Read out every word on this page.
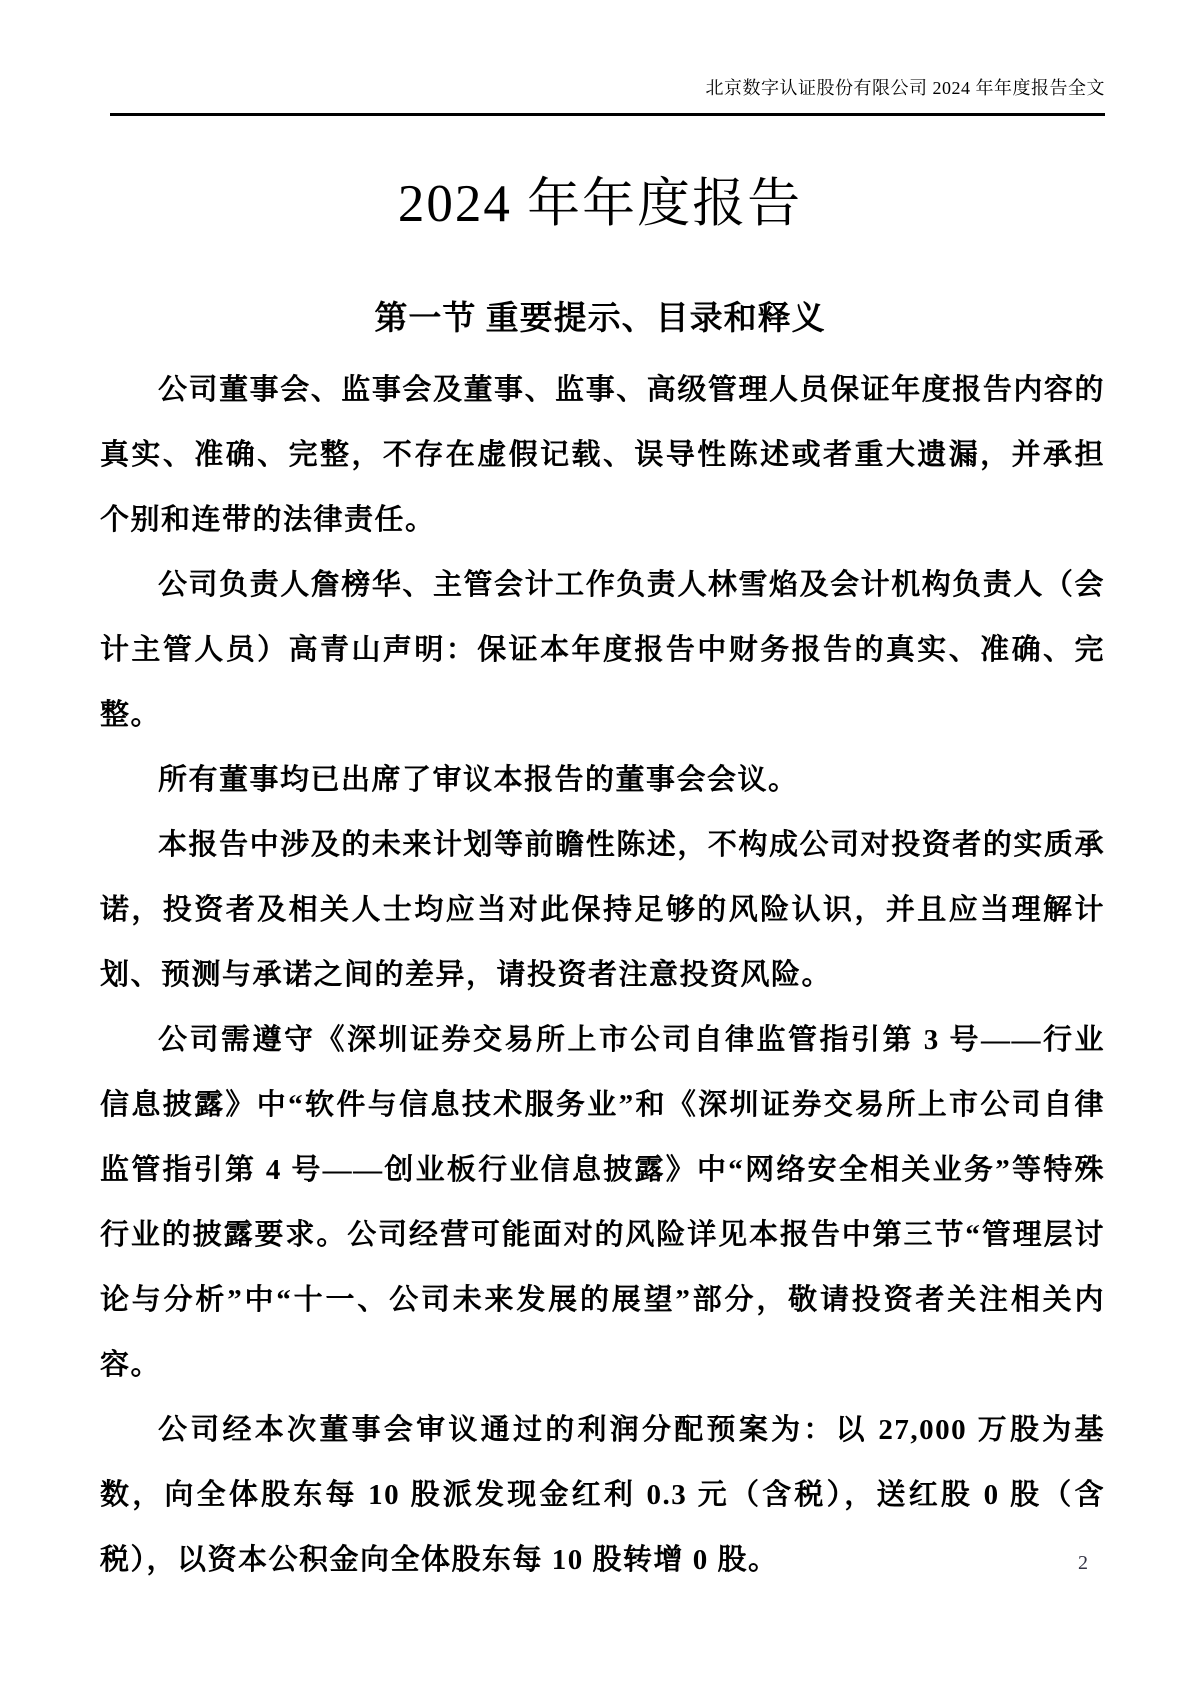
北京数字认证股份有限公司 2024 年年度报告全文
2024 年年度报告
第一节 重要提示、目录和释义

公司董事会、监事会及董事、监事、高级管理人员保证年度报告内容的真实、准确、完整，不存在虚假记载、误导性陈述或者重大遗漏，并承担个别和连带的法律责任。

公司负责人詹榜华、主管会计工作负责人林雪焰及会计机构负责人（会计主管人员）高青山声明：保证本年度报告中财务报告的真实、准确、完整。

所有董事均已出席了审议本报告的董事会会议。

本报告中涉及的未来计划等前瞻性陈述，不构成公司对投资者的实质承诺，投资者及相关人士均应当对此保持足够的风险认识，并且应当理解计划、预测与承诺之间的差异，请投资者注意投资风险。

公司需遵守《深圳证券交易所上市公司自律监管指引第 3 号——行业信息披露》中“软件与信息技术服务业”和《深圳证券交易所上市公司自律监管指引第 4 号——创业板行业信息披露》中“网络安全相关业务”等特殊行业的披露要求。公司经营可能面对的风险详见本报告中第三节“管理层讨论与分析”中“十一、公司未来发展的展望”部分，敬请投资者关注相关内容。

公司经本次董事会审议通过的利润分配预案为：以 27,000 万股为基数，向全体股东每 10 股派发现金红利 0.3 元（含税），送红股 0 股（含税），以资本公积金向全体股东每 10 股转增 0 股。	2
